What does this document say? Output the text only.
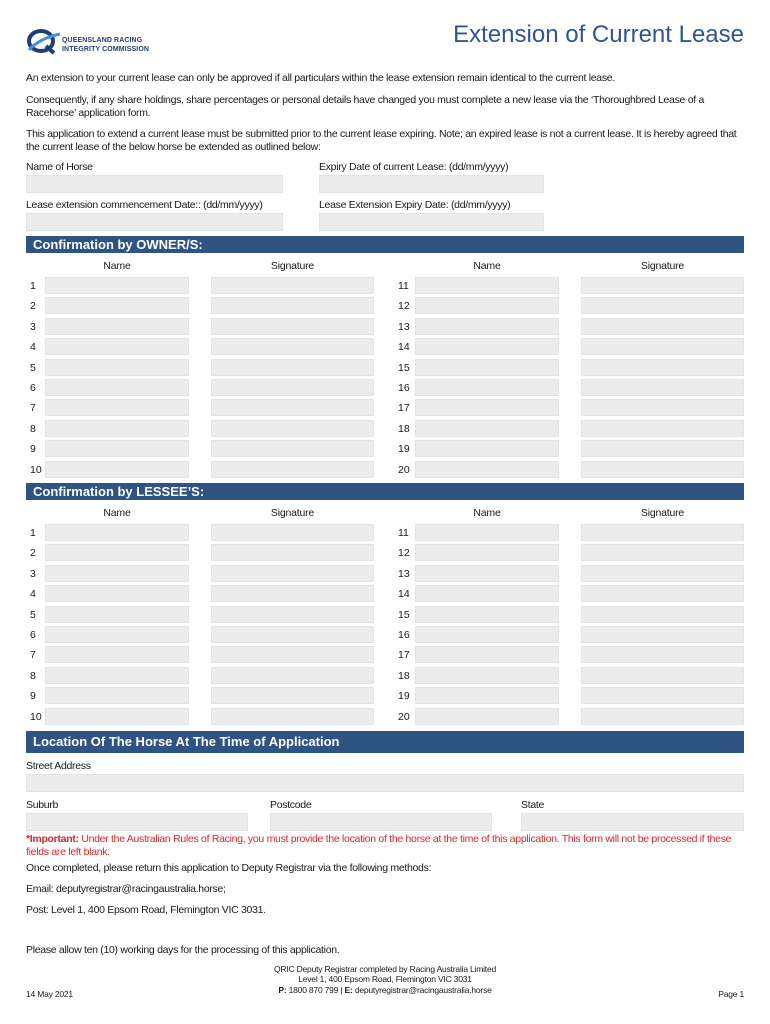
QUEENSLAND RACING
INTEGRITY COMMISSION
Extension of Current Lease
An extension to your current lease can only be approved if all particulars within the lease extension remain identical to the current lease.
Consequently, if any share holdings, share percentages or personal details have changed you must complete a new lease via the ‘Thoroughbred Lease of a Racehorse’ application form.
This application to extend a current lease must be submitted prior to the current lease expiring. Note; an expired lease is not a current lease. It is hereby agreed that the current lease of the below horse be extended as outlined below:
Name of Horse	Expiry Date of current Lease: (dd/mm/yyyy)
Lease extension commencement Date:: (dd/mm/yyyy)	Lease Extension Expiry Date: (dd/mm/yyyy)
Confirmation by OWNER/S:
Name	Signature	Name	Signature
1	11
2	12
3	13
4	14
5	15
6	16
7	17
8	18
9	19
10	20
Confirmation by LESSEE’S:
Name	Signature	Name	Signature
1	11
2	12
3	13
4	14
5	15
6	16
7	17
8	18
9	19
10	20
Location Of The Horse At The Time of Application
Street Address
Suburb	Postcode	State
*Important: Under the Australian Rules of Racing, you must provide the location of the horse at the time of this application. This form will not be processed if these fields are left blank.
Once completed, please return this application to Deputy Registrar via the following methods:
Email: deputyregistrar@racingaustralia.horse;
Post: Level 1, 400 Epsom Road, Flemington VIC 3031.
Please allow ten (10) working days for the processing of this application.
QRIC Deputy Registrar completed by Racing Australia Limited
Level 1, 400 Epsom Road, Flemington VIC 3031
P: 1800 870 799 | E: deputyregistrar@racingaustralia.horse
14 May 2021	Page 1
